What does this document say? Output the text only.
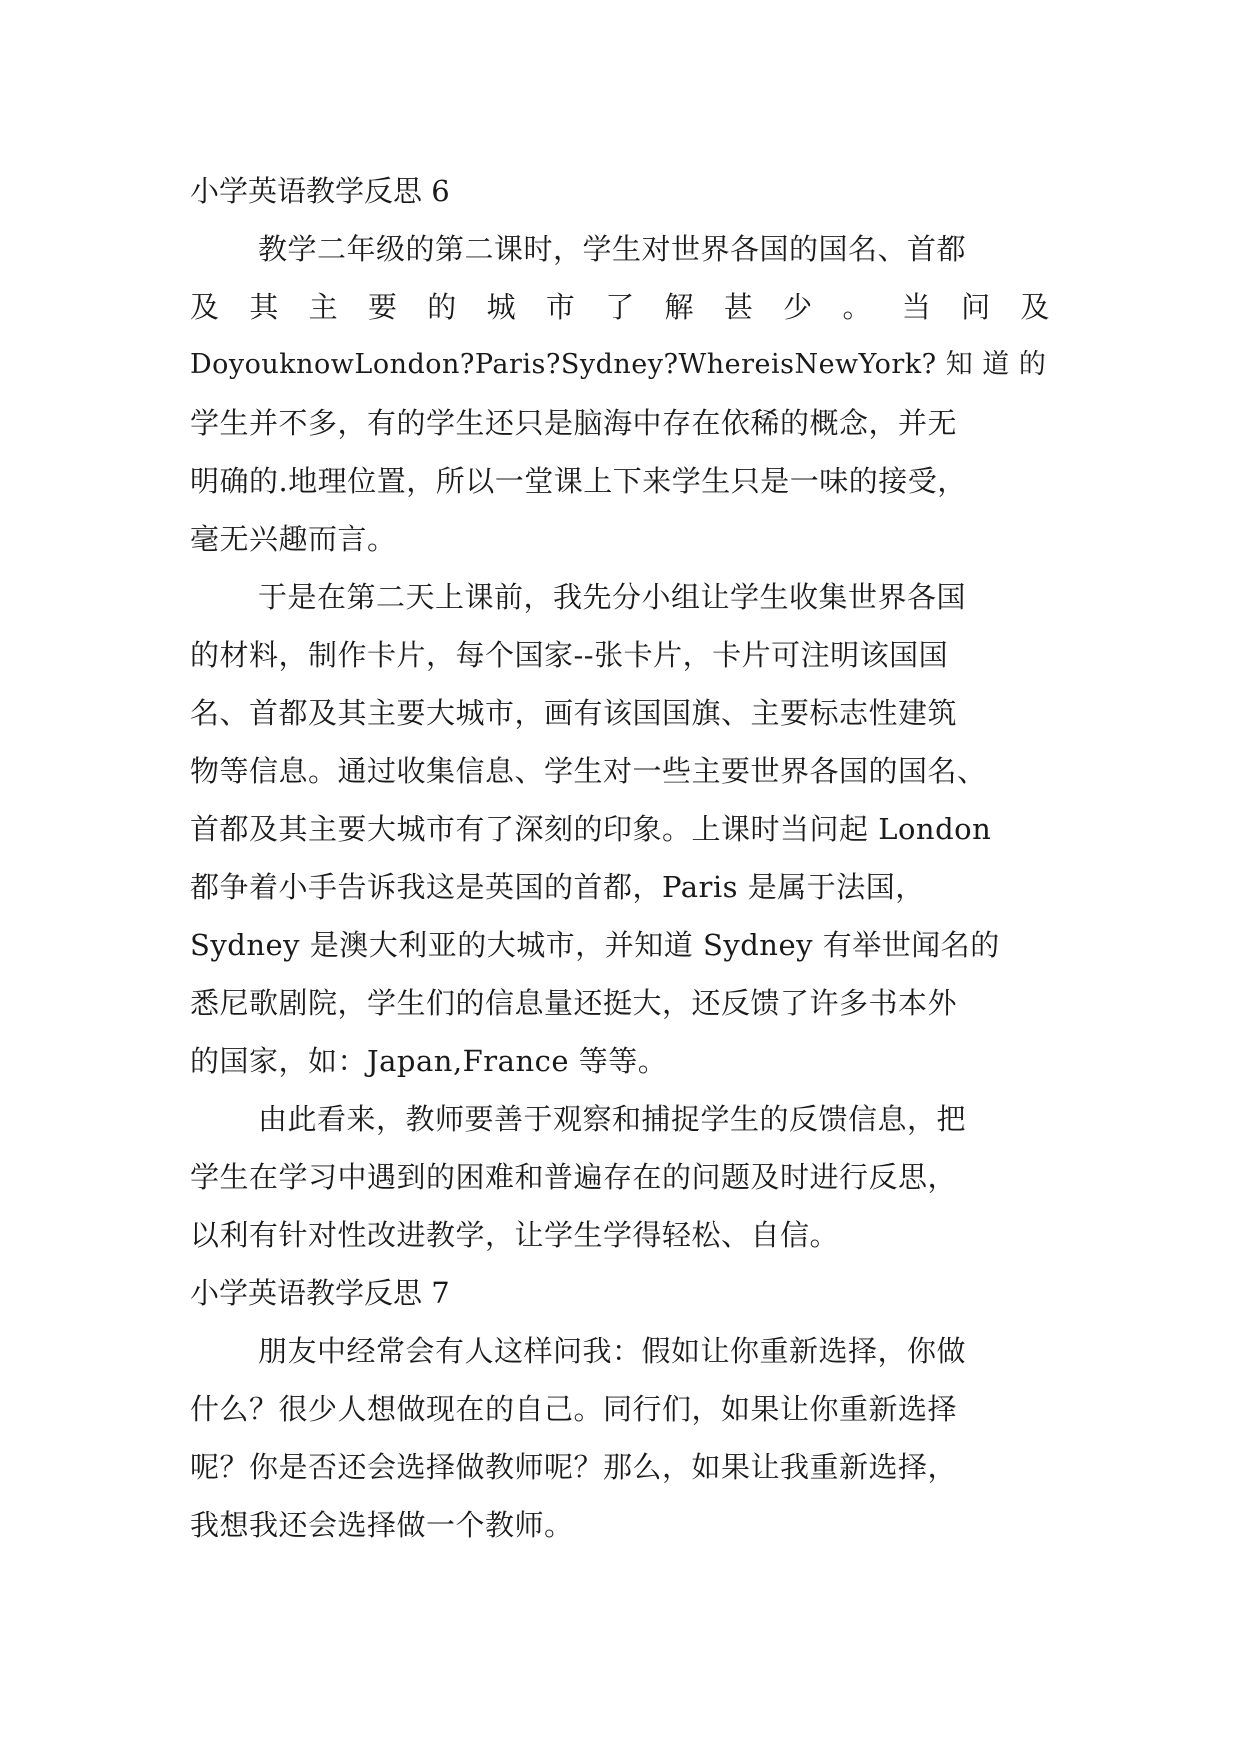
小学英语教学反思 6
教学二年级的第二课时，学生对世界各国的国名、首都
及 其 主 要 的 城 市 了 解 甚 少 。 当 问 及
DoyouknowLondon?Paris?Sydney?WhereisNewYork? 知 道 的
学生并不多，有的学生还只是脑海中存在依稀的概念，并无
明确的.地理位置，所以一堂课上下来学生只是一味的接受，
毫无兴趣而言。
于是在第二天上课前，我先分小组让学生收集世界各国
的材料，制作卡片，每个国家--张卡片，卡片可注明该国国
名、首都及其主要大城市，画有该国国旗、主要标志性建筑
物等信息。通过收集信息、学生对一些主要世界各国的国名、
首都及其主要大城市有了深刻的印象。上课时当问起 London
都争着小手告诉我这是英国的首都，Paris 是属于法国，
Sydney 是澳大利亚的大城市，并知道 Sydney 有举世闻名的
悉尼歌剧院，学生们的信息量还挺大，还反馈了许多书本外
的国家，如：Japan,France 等等。
由此看来，教师要善于观察和捕捉学生的反馈信息，把
学生在学习中遇到的困难和普遍存在的问题及时进行反思，
以利有针对性改进教学，让学生学得轻松、自信。
小学英语教学反思 7
朋友中经常会有人这样问我：假如让你重新选择，你做
什么？很少人想做现在的自己。同行们，如果让你重新选择
呢？你是否还会选择做教师呢？那么，如果让我重新选择，
我想我还会选择做一个教师。
